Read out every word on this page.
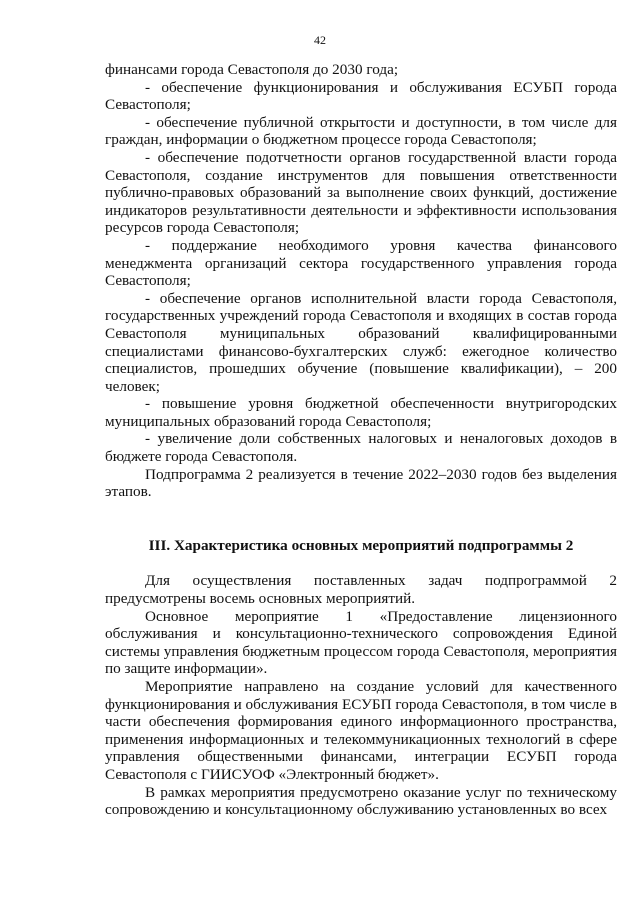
42

финансами города Севастополя до 2030 года;

- обеспечение функционирования и обслуживания ЕСУБП города Севастополя;

- обеспечение публичной открытости и доступности, в том числе для граждан, информации о бюджетном процессе города Севастополя;

- обеспечение подотчетности органов государственной власти города Севастополя, создание инструментов для повышения ответственности публично-правовых образований за выполнение своих функций, достижение индикаторов результативности деятельности и эффективности использования ресурсов города Севастополя;

- поддержание необходимого уровня качества финансового менеджмента организаций сектора государственного управления города Севастополя;

- обеспечение органов исполнительной власти города Севастополя, государственных учреждений города Севастополя и входящих в состав города Севастополя муниципальных образований квалифицированными специалистами финансово-бухгалтерских служб: ежегодное количество специалистов, прошедших обучение (повышение квалификации), – 200 человек;

- повышение уровня бюджетной обеспеченности внутригородских муниципальных образований города Севастополя;

- увеличение доли собственных налоговых и неналоговых доходов в бюджете города Севастополя.

Подпрограмма 2 реализуется в течение 2022–2030 годов без выделения этапов.

III. Характеристика основных мероприятий подпрограммы 2

Для осуществления поставленных задач подпрограммой 2 предусмотрены восемь основных мероприятий.

Основное мероприятие 1 «Предоставление лицензионного обслуживания и консультационно-технического сопровождения Единой системы управления бюджетным процессом города Севастополя, мероприятия по защите информации».

Мероприятие направлено на создание условий для качественного функционирования и обслуживания ЕСУБП города Севастополя, в том числе в части обеспечения формирования единого информационного пространства, применения информационных и телекоммуникационных технологий в сфере управления общественными финансами, интеграции ЕСУБП города Севастополя с ГИИСУОФ «Электронный бюджет».

В рамках мероприятия предусмотрено оказание услуг по техническому сопровождению и консультационному обслуживанию установленных во всех
